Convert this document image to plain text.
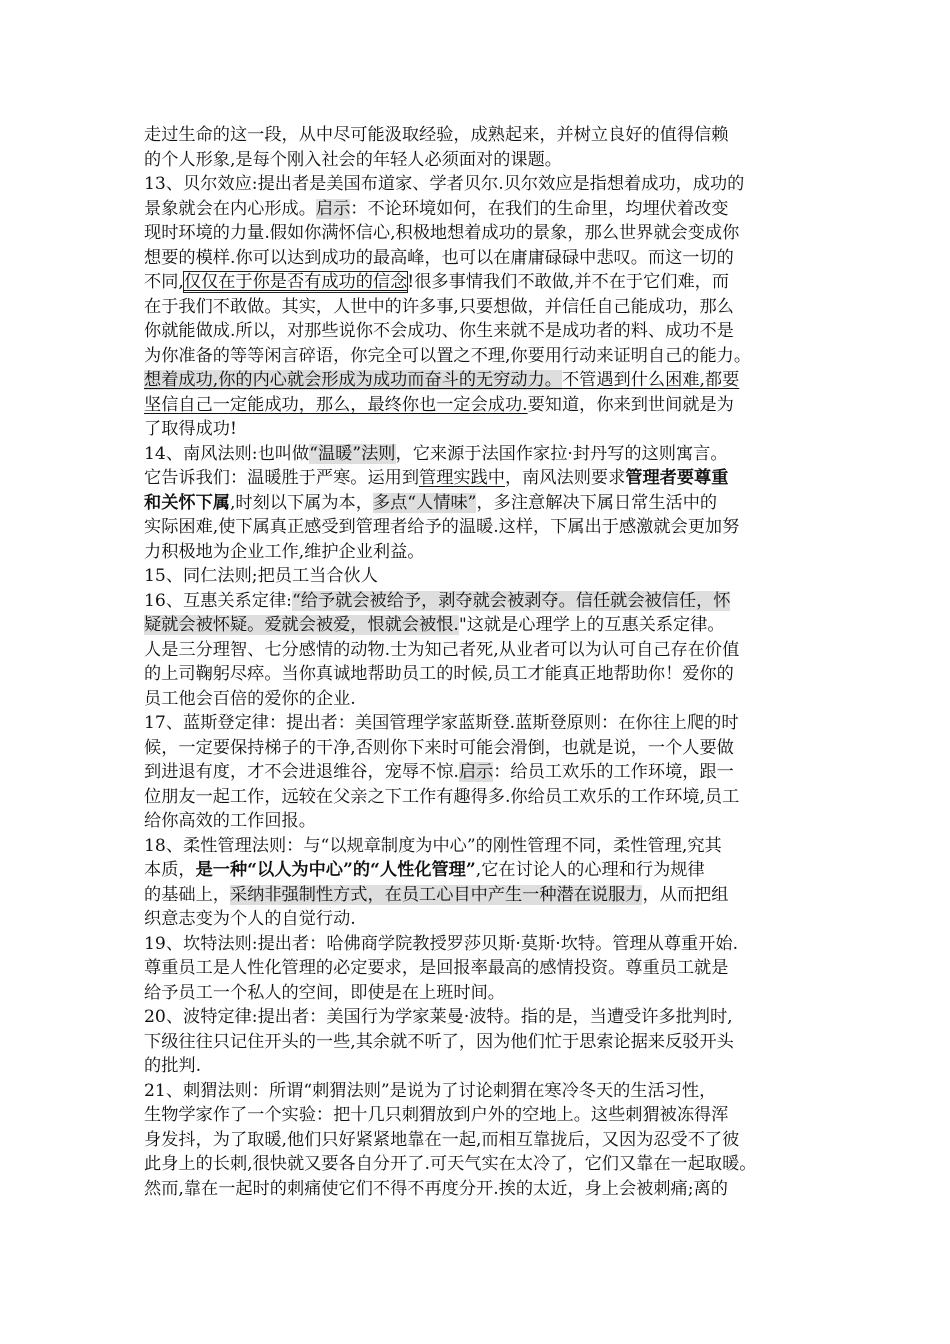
走过生命的这一段，从中尽可能汲取经验，成熟起来，并树立良好的值得信赖
的个人形象,是每个刚入社会的年轻人必须面对的课题。
13、贝尔效应:提出者是美国布道家、学者贝尔.贝尔效应是指想着成功，成功的
景象就会在内心形成。启示：不论环境如何，在我们的生命里，均埋伏着改变
现时环境的力量.假如你满怀信心,积极地想着成功的景象，那么世界就会变成你
想要的模样.你可以达到成功的最高峰，也可以在庸庸碌碌中悲叹。而这一切的
不同,仅仅在于你是否有成功的信念!很多事情我们不敢做,并不在于它们难，而
在于我们不敢做。其实，人世中的许多事,只要想做，并信任自己能成功，那么
你就能做成.所以，对那些说你不会成功、你生来就不是成功者的料、成功不是
为你准备的等等闲言碎语，你完全可以置之不理,你要用行动来证明自己的能力。
想着成功,你的内心就会形成为成功而奋斗的无穷动力。不管遇到什么困难,都要
坚信自己一定能成功，那么，最终你也一定会成功.要知道，你来到世间就是为
了取得成功!
14、南风法则:也叫做“温暖”法则，它来源于法国作家拉·封丹写的这则寓言。
它告诉我们：温暖胜于严寒。运用到管理实践中，南风法则要求管理者要尊重
和关怀下属,时刻以下属为本，多点“人情味”，多注意解决下属日常生活中的
实际困难,使下属真正感受到管理者给予的温暖.这样，下属出于感激就会更加努
力积极地为企业工作,维护企业利益。
15、同仁法则;把员工当合伙人
16、互惠关系定律:“给予就会被给予，剥夺就会被剥夺。信任就会被信任，怀
疑就会被怀疑。爱就会被爱，恨就会被恨."这就是心理学上的互惠关系定律。
人是三分理智、七分感情的动物.士为知己者死,从业者可以为认可自己存在价值
的上司鞠躬尽瘁。当你真诚地帮助员工的时候,员工才能真正地帮助你！爱你的
员工他会百倍的爱你的企业.
17、蓝斯登定律：提出者：美国管理学家蓝斯登.蓝斯登原则：在你往上爬的时
候，一定要保持梯子的干净,否则你下来时可能会滑倒，也就是说，一个人要做
到进退有度，才不会进退维谷，宠辱不惊.启示：给员工欢乐的工作环境，跟一
位朋友一起工作，远较在父亲之下工作有趣得多.你给员工欢乐的工作环境,员工
给你高效的工作回报。
18、柔性管理法则：与“以规章制度为中心”的刚性管理不同，柔性管理,究其
本质，是一种“以人为中心”的“人性化管理”,它在讨论人的心理和行为规律
的基础上，采纳非强制性方式，在员工心目中产生一种潜在说服力，从而把组
织意志变为个人的自觉行动.
19、坎特法则:提出者：哈佛商学院教授罗莎贝斯·莫斯·坎特。管理从尊重开始.
尊重员工是人性化管理的必定要求，是回报率最高的感情投资。尊重员工就是
给予员工一个私人的空间，即使是在上班时间。
20、波特定律:提出者：美国行为学家莱曼·波特。指的是，当遭受许多批判时,
下级往往只记住开头的一些,其余就不听了，因为他们忙于思索论据来反驳开头
的批判.
21、刺猬法则：所谓“刺猬法则”是说为了讨论刺猬在寒冷冬天的生活习性，
生物学家作了一个实验：把十几只刺猬放到户外的空地上。这些刺猬被冻得浑
身发抖，为了取暖,他们只好紧紧地靠在一起,而相互靠拢后，又因为忍受不了彼
此身上的长刺,很快就又要各自分开了.可天气实在太冷了，它们又靠在一起取暖。
然而,靠在一起时的刺痛使它们不得不再度分开.挨的太近，身上会被刺痛;离的
